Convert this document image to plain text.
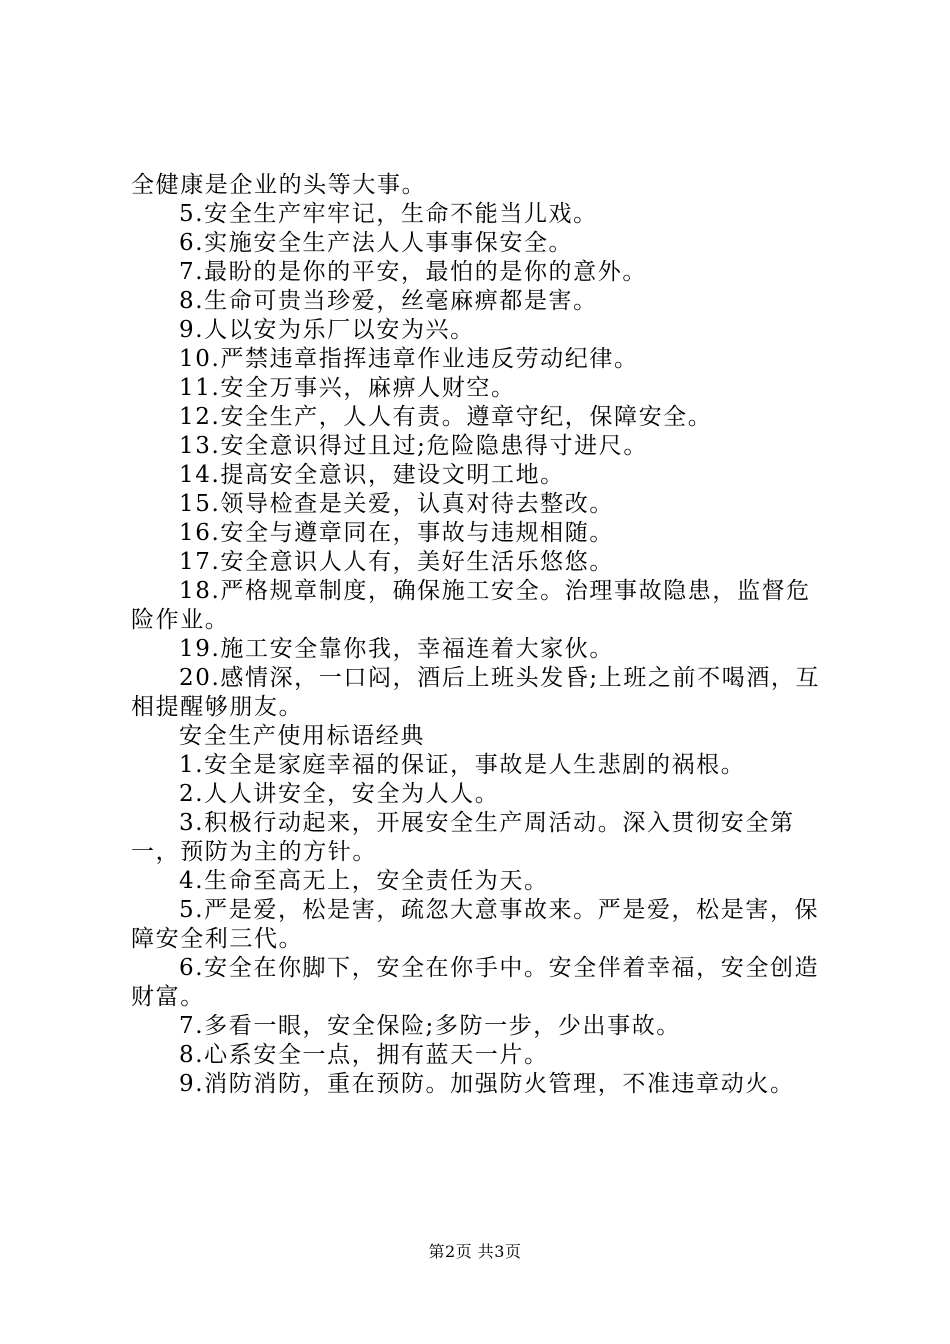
全健康是企业的头等大事。

5.安全生产牢牢记，生命不能当儿戏。

6.实施安全生产法人人事事保安全。

7.最盼的是你的平安，最怕的是你的意外。

8.生命可贵当珍爱，丝毫麻痹都是害。

9.人以安为乐厂以安为兴。

10.严禁违章指挥违章作业违反劳动纪律。

11.安全万事兴，麻痹人财空。

12.安全生产，人人有责。遵章守纪，保障安全。

13.安全意识得过且过;危险隐患得寸进尺。

14.提高安全意识，建设文明工地。

15.领导检查是关爱，认真对待去整改。

16.安全与遵章同在，事故与违规相随。

17.安全意识人人有，美好生活乐悠悠。

18.严格规章制度，确保施工安全。治理事故隐患，监督危险作业。

19.施工安全靠你我，幸福连着大家伙。

20.感情深，一口闷，酒后上班头发昏;上班之前不喝酒，互相提醒够朋友。

安全生产使用标语经典

1.安全是家庭幸福的保证，事故是人生悲剧的祸根。

2.人人讲安全，安全为人人。

3.积极行动起来，开展安全生产周活动。深入贯彻安全第一，预防为主的方针。

4.生命至高无上，安全责任为天。

5.严是爱，松是害，疏忽大意事故来。严是爱，松是害，保障安全利三代。

6.安全在你脚下，安全在你手中。安全伴着幸福，安全创造财富。

7.多看一眼，安全保险;多防一步，少出事故。

8.心系安全一点，拥有蓝天一片。

9.消防消防，重在预防。加强防火管理，不准违章动火。

第2页 共3页
